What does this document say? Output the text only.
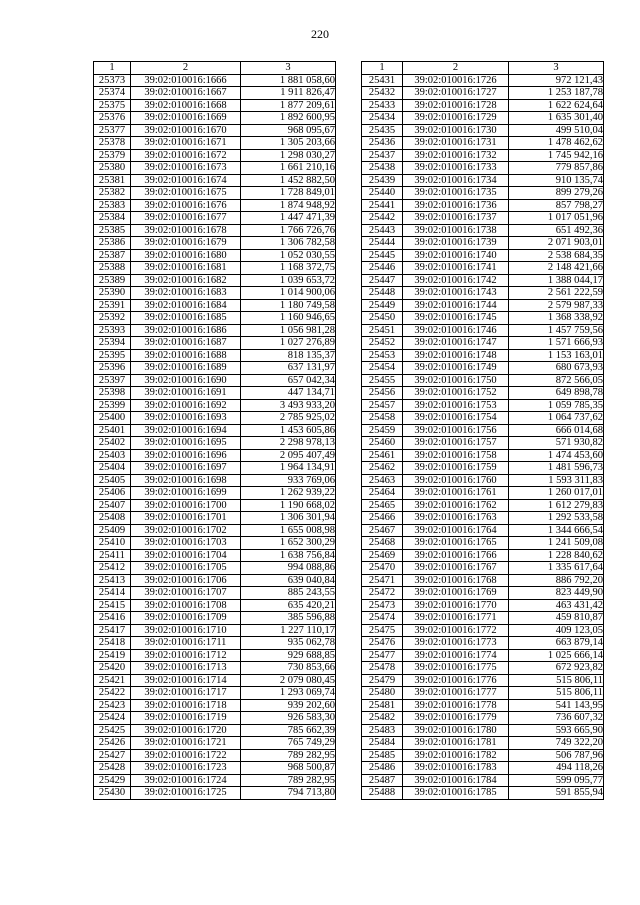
220
1	2	3
25373	39:02:010016:1666	1 881 058,60
25374	39:02:010016:1667	1 911 826,47
25375	39:02:010016:1668	1 877 209,61
25376	39:02:010016:1669	1 892 600,95
25377	39:02:010016:1670	968 095,67
25378	39:02:010016:1671	1 305 203,66
25379	39:02:010016:1672	1 298 030,27
25380	39:02:010016:1673	1 661 210,16
25381	39:02:010016:1674	1 452 882,50
25382	39:02:010016:1675	1 728 849,01
25383	39:02:010016:1676	1 874 948,92
25384	39:02:010016:1677	1 447 471,39
25385	39:02:010016:1678	1 766 726,76
25386	39:02:010016:1679	1 306 782,58
25387	39:02:010016:1680	1 052 030,55
25388	39:02:010016:1681	1 168 372,75
25389	39:02:010016:1682	1 039 653,72
25390	39:02:010016:1683	1 014 900,06
25391	39:02:010016:1684	1 180 749,58
25392	39:02:010016:1685	1 160 946,65
25393	39:02:010016:1686	1 056 981,28
25394	39:02:010016:1687	1 027 276,89
25395	39:02:010016:1688	818 135,37
25396	39:02:010016:1689	637 131,97
25397	39:02:010016:1690	657 042,34
25398	39:02:010016:1691	447 134,71
25399	39:02:010016:1692	3 493 933,20
25400	39:02:010016:1693	2 785 925,02
25401	39:02:010016:1694	1 453 605,86
25402	39:02:010016:1695	2 298 978,13
25403	39:02:010016:1696	2 095 407,49
25404	39:02:010016:1697	1 964 134,91
25405	39:02:010016:1698	933 769,06
25406	39:02:010016:1699	1 262 939,22
25407	39:02:010016:1700	1 190 668,02
25408	39:02:010016:1701	1 306 301,94
25409	39:02:010016:1702	1 655 008,98
25410	39:02:010016:1703	1 652 300,29
25411	39:02:010016:1704	1 638 756,84
25412	39:02:010016:1705	994 088,86
25413	39:02:010016:1706	639 040,84
25414	39:02:010016:1707	885 243,55
25415	39:02:010016:1708	635 420,21
25416	39:02:010016:1709	385 596,88
25417	39:02:010016:1710	1 227 110,17
25418	39:02:010016:1711	935 062,78
25419	39:02:010016:1712	929 688,85
25420	39:02:010016:1713	730 853,66
25421	39:02:010016:1714	2 079 080,45
25422	39:02:010016:1717	1 293 069,74
25423	39:02:010016:1718	939 202,60
25424	39:02:010016:1719	926 583,30
25425	39:02:010016:1720	785 662,39
25426	39:02:010016:1721	765 749,29
25427	39:02:010016:1722	789 282,95
25428	39:02:010016:1723	968 500,87
25429	39:02:010016:1724	789 282,95
25430	39:02:010016:1725	794 713,80
1	2	3
25431	39:02:010016:1726	972 121,43
25432	39:02:010016:1727	1 253 187,78
25433	39:02:010016:1728	1 622 624,64
25434	39:02:010016:1729	1 635 301,40
25435	39:02:010016:1730	499 510,04
25436	39:02:010016:1731	1 478 462,62
25437	39:02:010016:1732	1 745 942,16
25438	39:02:010016:1733	779 857,86
25439	39:02:010016:1734	910 135,74
25440	39:02:010016:1735	899 279,26
25441	39:02:010016:1736	857 798,27
25442	39:02:010016:1737	1 017 051,96
25443	39:02:010016:1738	651 492,36
25444	39:02:010016:1739	2 071 903,01
25445	39:02:010016:1740	2 538 684,35
25446	39:02:010016:1741	2 148 421,66
25447	39:02:010016:1742	1 388 044,17
25448	39:02:010016:1743	2 561 222,59
25449	39:02:010016:1744	2 579 987,33
25450	39:02:010016:1745	1 368 338,92
25451	39:02:010016:1746	1 457 759,56
25452	39:02:010016:1747	1 571 666,93
25453	39:02:010016:1748	1 153 163,01
25454	39:02:010016:1749	680 673,93
25455	39:02:010016:1750	872 566,05
25456	39:02:010016:1752	649 898,78
25457	39:02:010016:1753	1 059 785,35
25458	39:02:010016:1754	1 064 737,62
25459	39:02:010016:1756	666 014,68
25460	39:02:010016:1757	571 930,82
25461	39:02:010016:1758	1 474 453,60
25462	39:02:010016:1759	1 481 596,73
25463	39:02:010016:1760	1 593 311,83
25464	39:02:010016:1761	1 260 017,01
25465	39:02:010016:1762	1 612 279,83
25466	39:02:010016:1763	1 292 533,58
25467	39:02:010016:1764	1 344 666,54
25468	39:02:010016:1765	1 241 509,08
25469	39:02:010016:1766	1 228 840,62
25470	39:02:010016:1767	1 335 617,64
25471	39:02:010016:1768	886 792,20
25472	39:02:010016:1769	823 449,90
25473	39:02:010016:1770	463 431,42
25474	39:02:010016:1771	459 810,87
25475	39:02:010016:1772	409 123,05
25476	39:02:010016:1773	663 879,14
25477	39:02:010016:1774	1 025 666,14
25478	39:02:010016:1775	672 923,82
25479	39:02:010016:1776	515 806,11
25480	39:02:010016:1777	515 806,11
25481	39:02:010016:1778	541 143,95
25482	39:02:010016:1779	736 607,32
25483	39:02:010016:1780	593 665,90
25484	39:02:010016:1781	749 322,20
25485	39:02:010016:1782	506 787,96
25486	39:02:010016:1783	494 118,26
25487	39:02:010016:1784	599 095,77
25488	39:02:010016:1785	591 855,94
